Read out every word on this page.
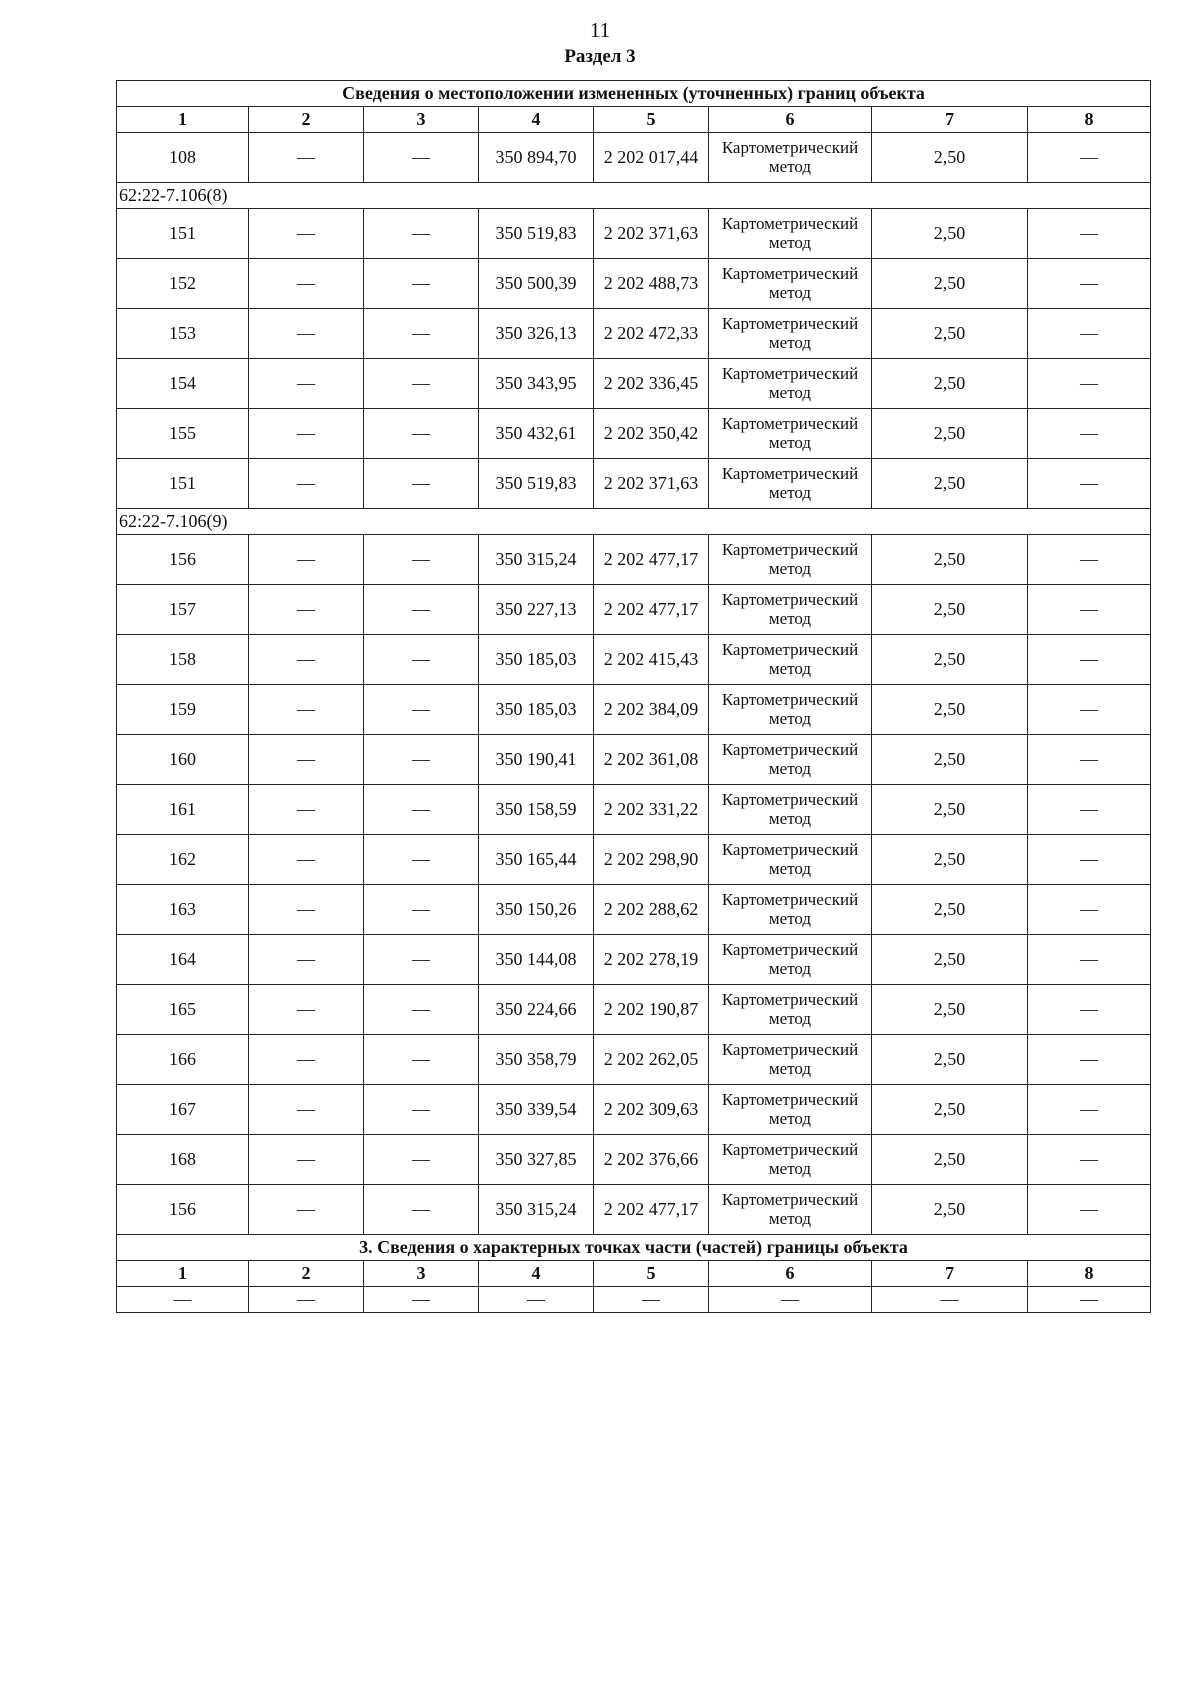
11
Раздел 3
Сведения о местоположении измененных (уточненных) границ объекта							
1	2	3	4	5	6	7	8
108	—	—	350 894,70	2 202 017,44	Картометрический метод	2,50	—
62:22-7.106(8)							
151	—	—	350 519,83	2 202 371,63	Картометрический метод	2,50	—
152	—	—	350 500,39	2 202 488,73	Картометрический метод	2,50	—
153	—	—	350 326,13	2 202 472,33	Картометрический метод	2,50	—
154	—	—	350 343,95	2 202 336,45	Картометрический метод	2,50	—
155	—	—	350 432,61	2 202 350,42	Картометрический метод	2,50	—
151	—	—	350 519,83	2 202 371,63	Картометрический метод	2,50	—
62:22-7.106(9)							
156	—	—	350 315,24	2 202 477,17	Картометрический метод	2,50	—
157	—	—	350 227,13	2 202 477,17	Картометрический метод	2,50	—
158	—	—	350 185,03	2 202 415,43	Картометрический метод	2,50	—
159	—	—	350 185,03	2 202 384,09	Картометрический метод	2,50	—
160	—	—	350 190,41	2 202 361,08	Картометрический метод	2,50	—
161	—	—	350 158,59	2 202 331,22	Картометрический метод	2,50	—
162	—	—	350 165,44	2 202 298,90	Картометрический метод	2,50	—
163	—	—	350 150,26	2 202 288,62	Картометрический метод	2,50	—
164	—	—	350 144,08	2 202 278,19	Картометрический метод	2,50	—
165	—	—	350 224,66	2 202 190,87	Картометрический метод	2,50	—
166	—	—	350 358,79	2 202 262,05	Картометрический метод	2,50	—
167	—	—	350 339,54	2 202 309,63	Картометрический метод	2,50	—
168	—	—	350 327,85	2 202 376,66	Картометрический метод	2,50	—
156	—	—	350 315,24	2 202 477,17	Картометрический метод	2,50	—
3. Сведения о характерных точках части (частей) границы объекта							
1	2	3	4	5	6	7	8
—	—	—	—	—	—	—	—
